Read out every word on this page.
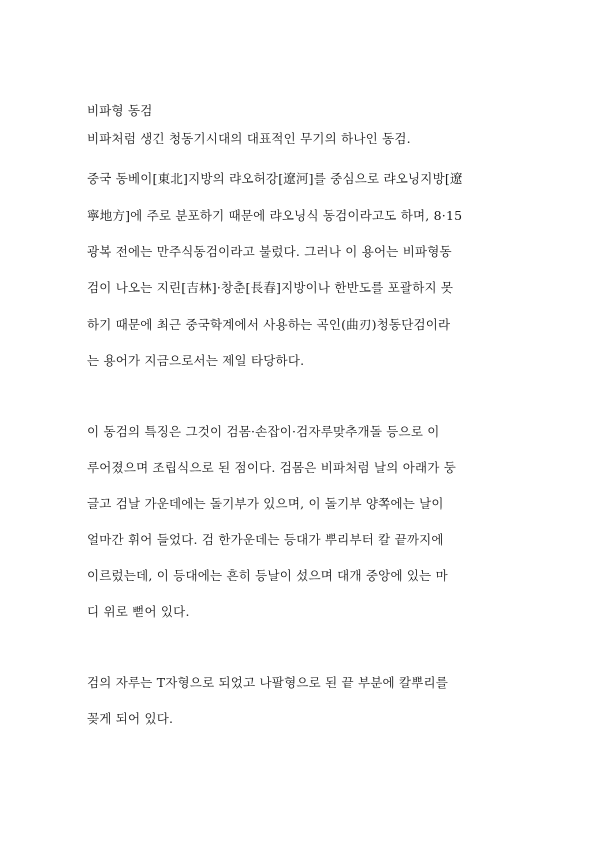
비파형 동검
비파처럼 생긴 청동기시대의 대표적인 무기의 하나인 동검.
중국 동베이[東北]지방의 랴오허강[遼河]를 중심으로 랴오닝지방[遼
寧地方]에 주로 분포하기 때문에 랴오닝식 동검이라고도 하며, 8·15
광복 전에는 만주식동검이라고 불렀다. 그러나 이 용어는 비파형동
검이 나오는 지린[吉林]·창춘[長春]지방이나 한반도를 포괄하지 못
하기 때문에 최근 중국학계에서 사용하는 곡인(曲刃)청동단검이라
는 용어가 지금으로서는 제일 타당하다.
이 동검의 특징은 그것이 검몸·손잡이·검자루맞추개돌 등으로 이
루어졌으며 조립식으로 된 점이다. 검몸은 비파처럼 날의 아래가 둥
글고 검날 가운데에는 돌기부가 있으며, 이 돌기부 양쪽에는 날이
얼마간 휘어 들었다. 검 한가운데는 등대가 뿌리부터 칼 끝까지에
이르렀는데, 이 등대에는 흔히 등날이 섰으며 대개 중앙에 있는 마
디 위로 뻗어 있다.
검의 자루는 T자형으로 되었고 나팔형으로 된 끝 부분에 칼뿌리를
꽂게 되어 있다.
